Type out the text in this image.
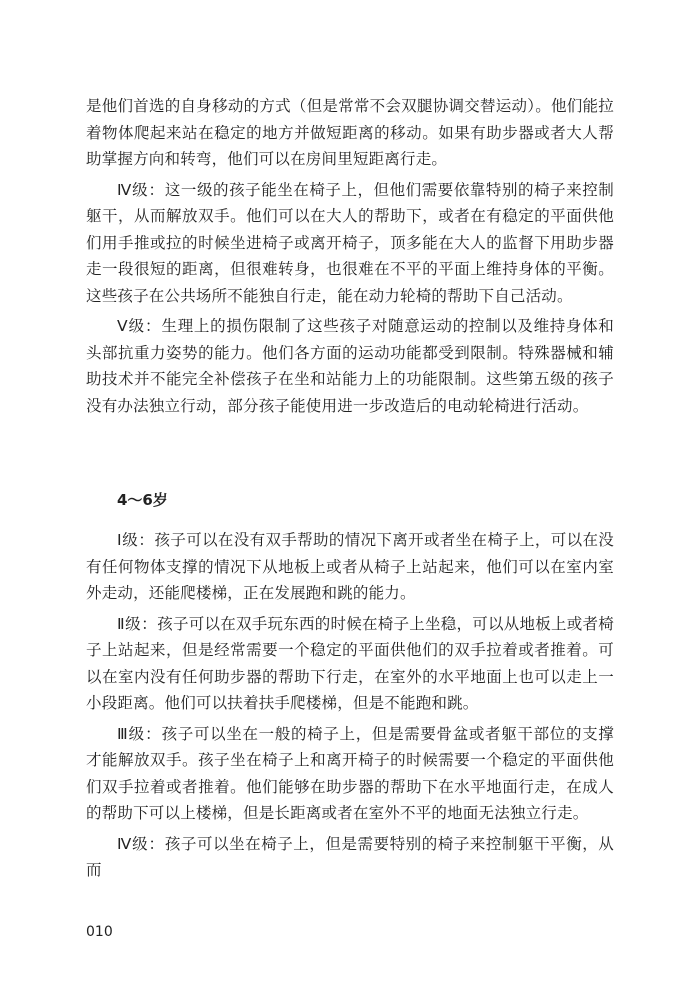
是他们首选的自身移动的方式（但是常常不会双腿协调交替运动）。他们能拉着物体爬起来站在稳定的地方并做短距离的移动。如果有助步器或者大人帮助掌握方向和转弯，他们可以在房间里短距离行走。

Ⅳ级：这一级的孩子能坐在椅子上，但他们需要依靠特别的椅子来控制躯干，从而解放双手。他们可以在大人的帮助下，或者在有稳定的平面供他们用手推或拉的时候坐进椅子或离开椅子，顶多能在大人的监督下用助步器走一段很短的距离，但很难转身，也很难在不平的平面上维持身体的平衡。这些孩子在公共场所不能独自行走，能在动力轮椅的帮助下自己活动。

Ⅴ级：生理上的损伤限制了这些孩子对随意运动的控制以及维持身体和头部抗重力姿势的能力。他们各方面的运动功能都受到限制。特殊器械和辅助技术并不能完全补偿孩子在坐和站能力上的功能限制。这些第五级的孩子没有办法独立行动，部分孩子能使用进一步改造后的电动轮椅进行活动。

4～6岁

Ⅰ级：孩子可以在没有双手帮助的情况下离开或者坐在椅子上，可以在没有任何物体支撑的情况下从地板上或者从椅子上站起来，他们可以在室内室外走动，还能爬楼梯，正在发展跑和跳的能力。

Ⅱ级：孩子可以在双手玩东西的时候在椅子上坐稳，可以从地板上或者椅子上站起来，但是经常需要一个稳定的平面供他们的双手拉着或者推着。可以在室内没有任何助步器的帮助下行走，在室外的水平地面上也可以走上一小段距离。他们可以扶着扶手爬楼梯，但是不能跑和跳。

Ⅲ级：孩子可以坐在一般的椅子上，但是需要骨盆或者躯干部位的支撑才能解放双手。孩子坐在椅子上和离开椅子的时候需要一个稳定的平面供他们双手拉着或者推着。他们能够在助步器的帮助下在水平地面行走，在成人的帮助下可以上楼梯，但是长距离或者在室外不平的地面无法独立行走。

Ⅳ级：孩子可以坐在椅子上，但是需要特别的椅子来控制躯干平衡，从而

010
